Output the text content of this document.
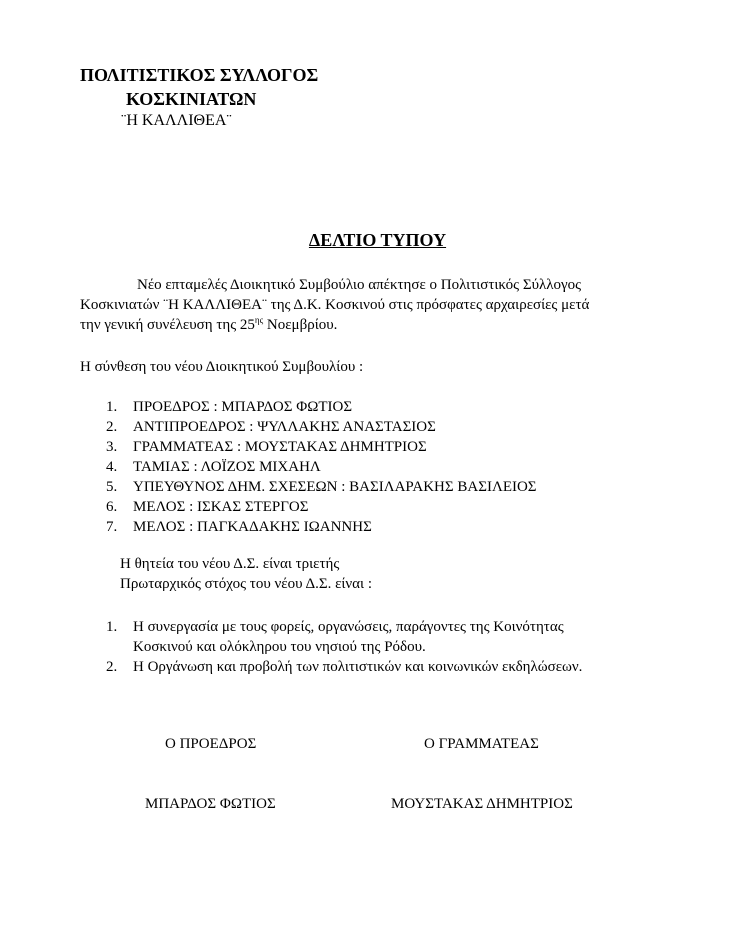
ΠΟΛΙΤΙΣΤΙΚΟΣ ΣΥΛΛΟΓΟΣ
ΚΟΣΚΙΝΙΑΤΩΝ
¨Η ΚΑΛΛΙΘΕΑ¨
ΔΕΛΤΙΟ ΤΥΠΟΥ
Νέο επταμελές Διοικητικό Συμβούλιο απέκτησε ο Πολιτιστικός Σύλλογος
Κοσκινιατών ¨Η ΚΑΛΛΙΘΕΑ¨ της Δ.Κ. Κοσκινού στις πρόσφατες αρχαιρεσίες μετά
την γενική συνέλευση της $25^{\eta\varsigma}$ Νοεμβρίου.
Η σύνθεση του νέου Διοικητικού Συμβουλίου :
1.	ΠΡΟΕΔΡΟΣ : ΜΠΑΡΔΟΣ ΦΩΤΙΟΣ
2.	ΑΝΤΙΠΡΟΕΔΡΟΣ : ΨΥΛΛΑΚΗΣ ΑΝΑΣΤΑΣΙΟΣ
3.	ΓΡΑΜΜΑΤΕΑΣ : ΜΟΥΣΤΑΚΑΣ ΔΗΜΗΤΡΙΟΣ
4.	ΤΑΜΙΑΣ : ΛΟΪΖΟΣ ΜΙΧΑΗΛ
5.	ΥΠΕΥΘΥΝΟΣ ΔΗΜ. ΣΧΕΣΕΩΝ : ΒΑΣΙΛΑΡΑΚΗΣ ΒΑΣΙΛΕΙΟΣ
6.	ΜΕΛΟΣ : ΙΣΚΑΣ ΣΤΕΡΓΟΣ
7.	ΜΕΛΟΣ : ΠΑΓΚΑΔΑΚΗΣ ΙΩΑΝΝΗΣ
Η θητεία του νέου Δ.Σ. είναι τριετής
Πρωταρχικός στόχος του νέου Δ.Σ. είναι :
1.	Η συνεργασία με τους φορείς, οργανώσεις, παράγοντες της Κοινότητας
Κοσκινού και ολόκληρου του νησιού της Ρόδου.
2.	Η Οργάνωση και προβολή των πολιτιστικών και κοινωνικών εκδηλώσεων.
Ο ΠΡΟΕΔΡΟΣ	Ο ΓΡΑΜΜΑΤΕΑΣ
ΜΠΑΡΔΟΣ ΦΩΤΙΟΣ	ΜΟΥΣΤΑΚΑΣ ΔΗΜΗΤΡΙΟΣ
